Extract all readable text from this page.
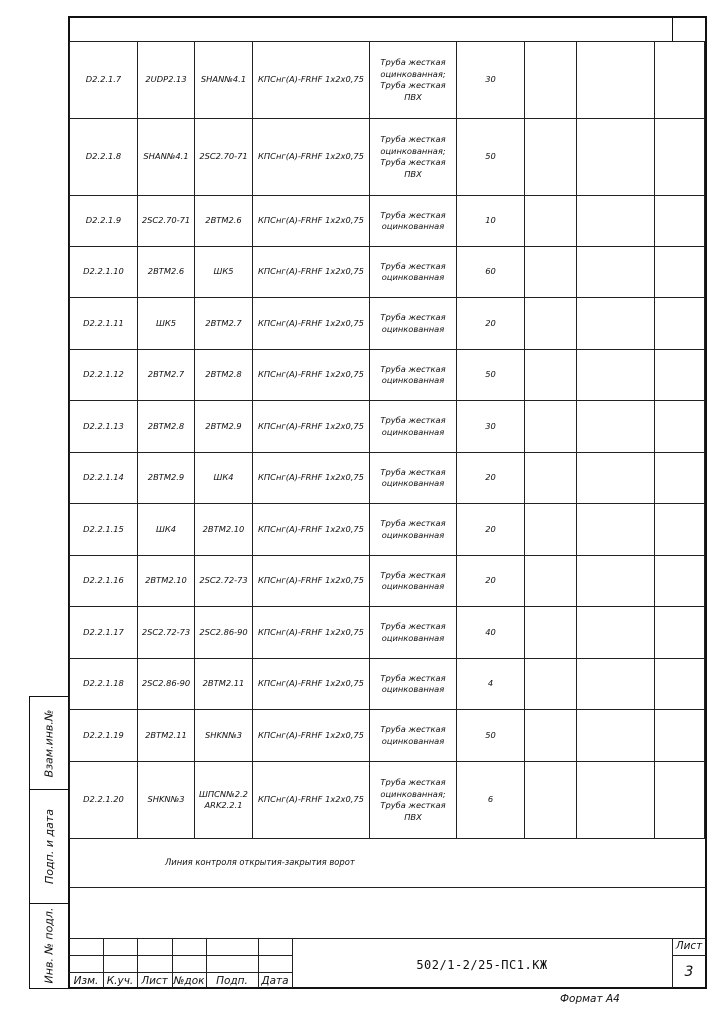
D2.2.1.7	2UDP2.13	SHAN№4.1	КПСнг(А)-FRHF 1х2х0,75	Труба жесткая оцинкованная; Труба жесткая ПВХ	30			
D2.2.1.8	SHAN№4.1	2SC2.70-71	КПСнг(А)-FRHF 1х2х0,75	Труба жесткая оцинкованная; Труба жесткая ПВХ	50			
D2.2.1.9	2SC2.70-71	2BTM2.6	КПСнг(А)-FRHF 1х2х0,75	Труба жесткая оцинкованная	10			
D2.2.1.10	2BTM2.6	ШК5	КПСнг(А)-FRHF 1х2х0,75	Труба жесткая оцинкованная	60			
D2.2.1.11	ШК5	2BTM2.7	КПСнг(А)-FRHF 1х2х0,75	Труба жесткая оцинкованная	20			
D2.2.1.12	2BTM2.7	2BTM2.8	КПСнг(А)-FRHF 1х2х0,75	Труба жесткая оцинкованная	50			
D2.2.1.13	2BTM2.8	2BTM2.9	КПСнг(А)-FRHF 1х2х0,75	Труба жесткая оцинкованная	30			
D2.2.1.14	2BTM2.9	ШК4	КПСнг(А)-FRHF 1х2х0,75	Труба жесткая оцинкованная	20			
D2.2.1.15	ШК4	2BTM2.10	КПСнг(А)-FRHF 1х2х0,75	Труба жесткая оцинкованная	20			
D2.2.1.16	2BTM2.10	2SC2.72-73	КПСнг(А)-FRHF 1х2х0,75	Труба жесткая оцинкованная	20			
D2.2.1.17	2SC2.72-73	2SC2.86-90	КПСнг(А)-FRHF 1х2х0,75	Труба жесткая оцинкованная	40			
D2.2.1.18	2SC2.86-90	2BTM2.11	КПСнг(А)-FRHF 1х2х0,75	Труба жесткая оцинкованная	4			
D2.2.1.19	2BTM2.11	SHKN№3	КПСнг(А)-FRHF 1х2х0,75	Труба жесткая оцинкованная	50			
D2.2.1.20	SHKN№3	ШПСN№2.2 ARK2.2.1	КПСнг(А)-FRHF 1х2х0,75	Труба жесткая оцинкованная; Труба жесткая ПВХ	6			
Линия контроля открытия-закрытия ворот
Взам.инв.№
Подп. и дата
Инв. № подл.	Изм. К.уч. Лист №док	Подп.	Дата
Лист
3
502/1-2/25-ПС1.КЖ
Формат А4
